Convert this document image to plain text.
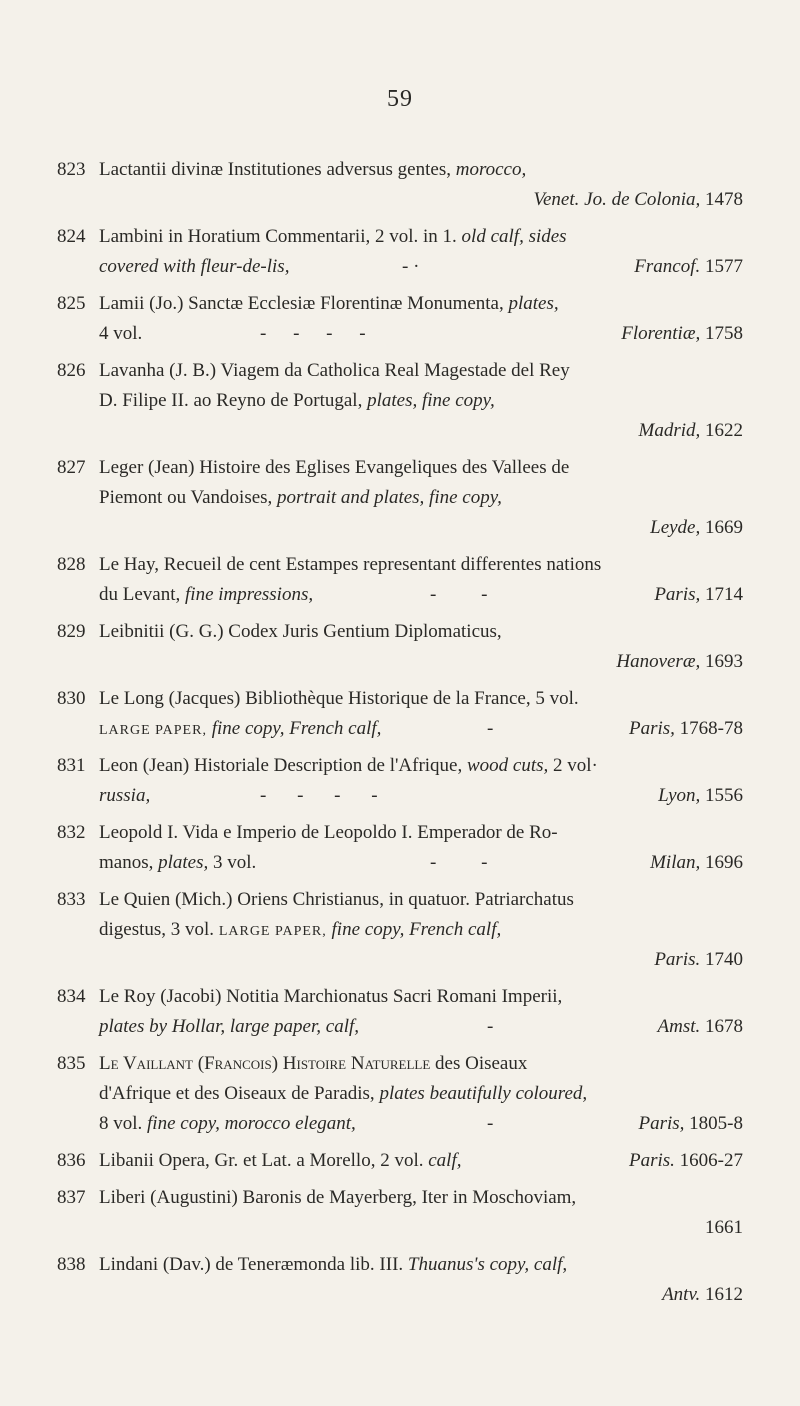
59
823 Lactantii divinæ Institutiones adversus gentes, morocco,
Venet. Jo. de Colonia, 1478
824 Lambini in Horatium Commentarii, 2 vol. in 1. old calf, sides
covered with fleur-de-lis,	- ·	Francof. 1577
825 Lamii (Jo.) Sanctæ Ecclesiæ Florentinæ Monumenta, plates,
4 vol.	- - - -	Florentiæ, 1758
826 Lavanha (J. B.) Viagem da Catholica Real Magestade del Rey
D. Filipe II. ao Reyno de Portugal, plates, fine copy,
Madrid, 1622
827 Leger (Jean) Histoire des Eglises Evangeliques des Vallees de
Piemont ou Vandoises, portrait and plates, fine copy,
Leyde, 1669
828 Le Hay, Recueil de cent Estampes representant differentes nations
du Levant, fine impressions,	- -	Paris, 1714
829 Leibnitii (G. G.) Codex Juris Gentium Diplomaticus,
Hanoveræ, 1693
830 Le Long (Jacques) Bibliothèque Historique de la France, 5 vol.
LARGE PAPER, fine copy, French calf,	-	Paris, 1768-78
831 Leon (Jean) Historiale Description de l'Afrique, wood cuts, 2 vol·
russia,	- - - -	Lyon, 1556
832 Leopold I. Vida e Imperio de Leopoldo I. Emperador de Ro-
manos, plates, 3 vol.	- -	Milan, 1696
833 Le Quien (Mich.) Oriens Christianus, in quatuor. Patriarchatus
digestus, 3 vol. LARGE PAPER, fine copy, French calf,
Paris. 1740
834 Le Roy (Jacobi) Notitia Marchionatus Sacri Romani Imperii,
plates by Hollar, large paper, calf,	-	Amst. 1678
835 Le Vaillant (Francois) Histoire Naturelle des Oiseaux
d'Afrique et des Oiseaux de Paradis, plates beautifully coloured,
8 vol. fine copy, morocco elegant,	-	Paris, 1805-8
836 Libanii Opera, Gr. et Lat. a Morello, 2 vol. calf,	Paris. 1606-27
837 Liberi (Augustini) Baronis de Mayerberg, Iter in Moschoviam,
1661
838 Lindani (Dav.) de Teneræmonda lib. III. Thuanus's copy, calf,
Antv. 1612
